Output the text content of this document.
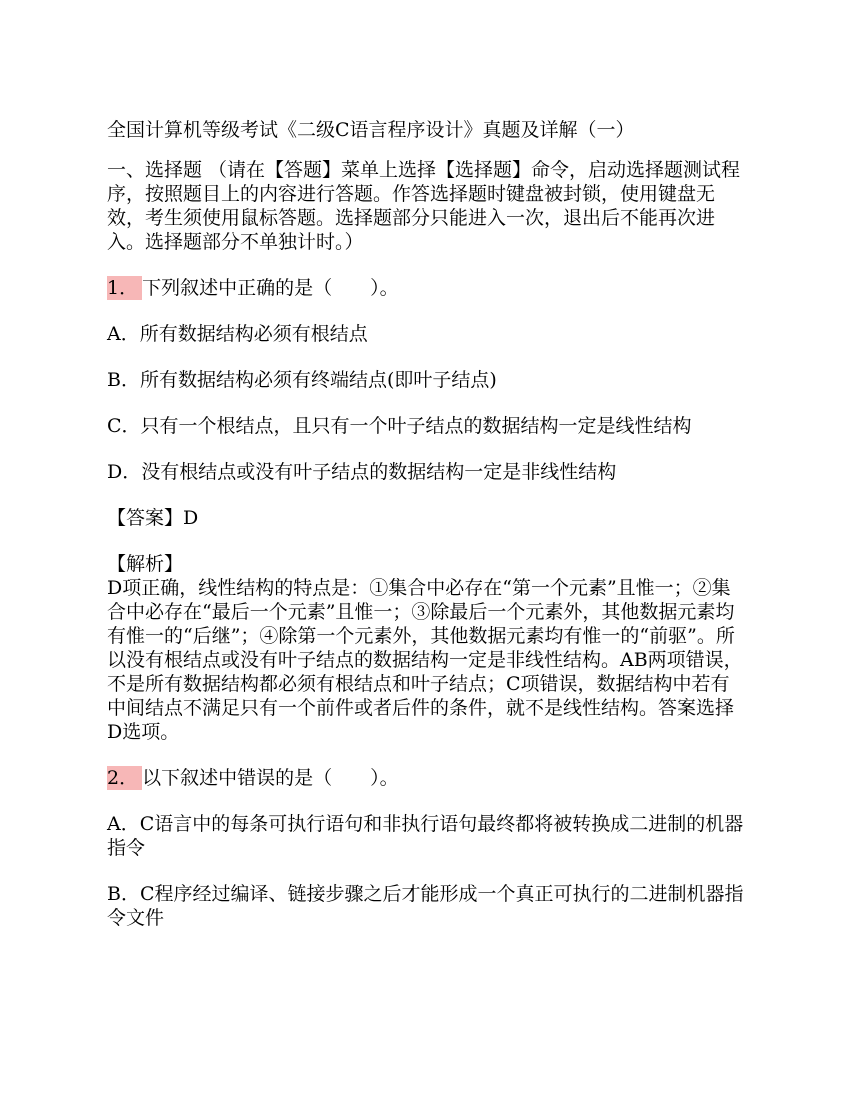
全国计算机等级考试《二级C语言程序设计》真题及详解（一）

一、选择题 （请在【答题】菜单上选择【选择题】命令，启动选择题测试程序，按照题目上的内容进行答题。作答选择题时键盘被封锁，使用键盘无效，考生须使用鼠标答题。选择题部分只能进入一次，退出后不能再次进入。选择题部分不单独计时。）

1． 下列叙述中正确的是（　　）。

A．所有数据结构必须有根结点

B．所有数据结构必须有终端结点(即叶子结点)

C．只有一个根结点，且只有一个叶子结点的数据结构一定是线性结构

D．没有根结点或没有叶子结点的数据结构一定是非线性结构

【答案】D

【解析】

D项正确，线性结构的特点是：①集合中必存在“第一个元素”且惟一；②集合中必存在“最后一个元素”且惟一；③除最后一个元素外，其他数据元素均有惟一的“后继”；④除第一个元素外，其他数据元素均有惟一的“前驱”。所以没有根结点或没有叶子结点的数据结构一定是非线性结构。AB两项错误，不是所有数据结构都必须有根结点和叶子结点；C项错误，数据结构中若有中间结点不满足只有一个前件或者后件的条件，就不是线性结构。答案选择D选项。

2． 以下叙述中错误的是（　　）。

A．C语言中的每条可执行语句和非执行语句最终都将被转换成二进制的机器指令

B．C程序经过编译、链接步骤之后才能形成一个真正可执行的二进制机器指令文件
